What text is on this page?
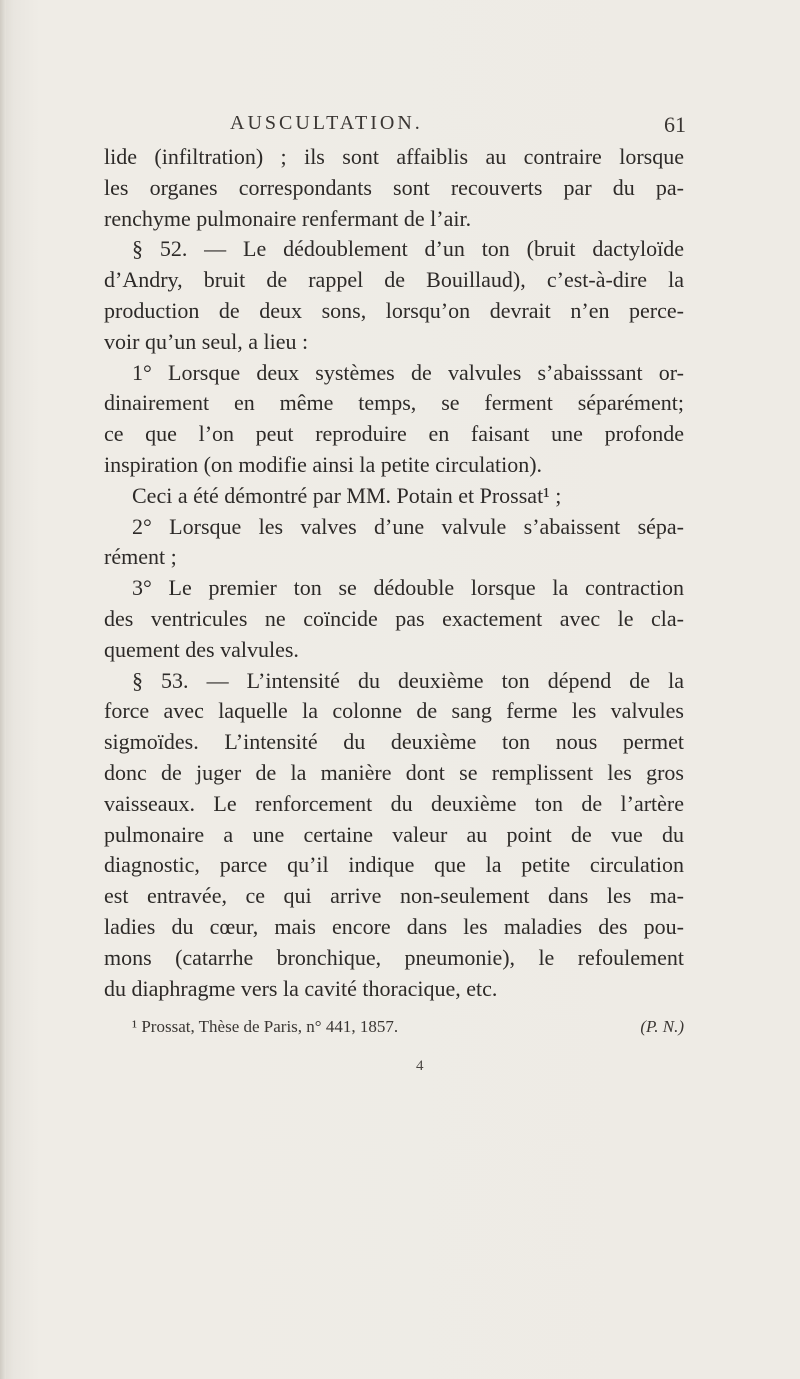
AUSCULTATION.	61
lide (infiltration) ; ils sont affaiblis au contraire lorsque
les organes correspondants sont recouverts par du pa-
renchyme pulmonaire renfermant de l’air.
§ 52. — Le dédoublement d’un ton (bruit dactyloïde
d’Andry, bruit de rappel de Bouillaud), c’est-à-dire la
production de deux sons, lorsqu’on devrait n’en perce-
voir qu’un seul, a lieu :
1° Lorsque deux systèmes de valvules s’abaisssant or-
dinairement en même temps, se ferment séparément;
ce que l’on peut reproduire en faisant une profonde
inspiration (on modifie ainsi la petite circulation).
Ceci a été démontré par MM. Potain et Prossat¹ ;
2° Lorsque les valves d’une valvule s’abaissent sépa-
rément ;
3° Le premier ton se dédouble lorsque la contraction
des ventricules ne coïncide pas exactement avec le cla-
quement des valvules.
§ 53. — L’intensité du deuxième ton dépend de la
force avec laquelle la colonne de sang ferme les valvules
sigmoïdes. L’intensité du deuxième ton nous permet
donc de juger de la manière dont se remplissent les gros
vaisseaux. Le renforcement du deuxième ton de l’artère
pulmonaire a une certaine valeur au point de vue du
diagnostic, parce qu’il indique que la petite circulation
est entravée, ce qui arrive non-seulement dans les ma-
ladies du cœur, mais encore dans les maladies des pou-
mons (catarrhe bronchique, pneumonie), le refoulement
du diaphragme vers la cavité thoracique, etc.
¹ Prossat, Thèse de Paris, n° 441, 1857.	(P. N.)
4
